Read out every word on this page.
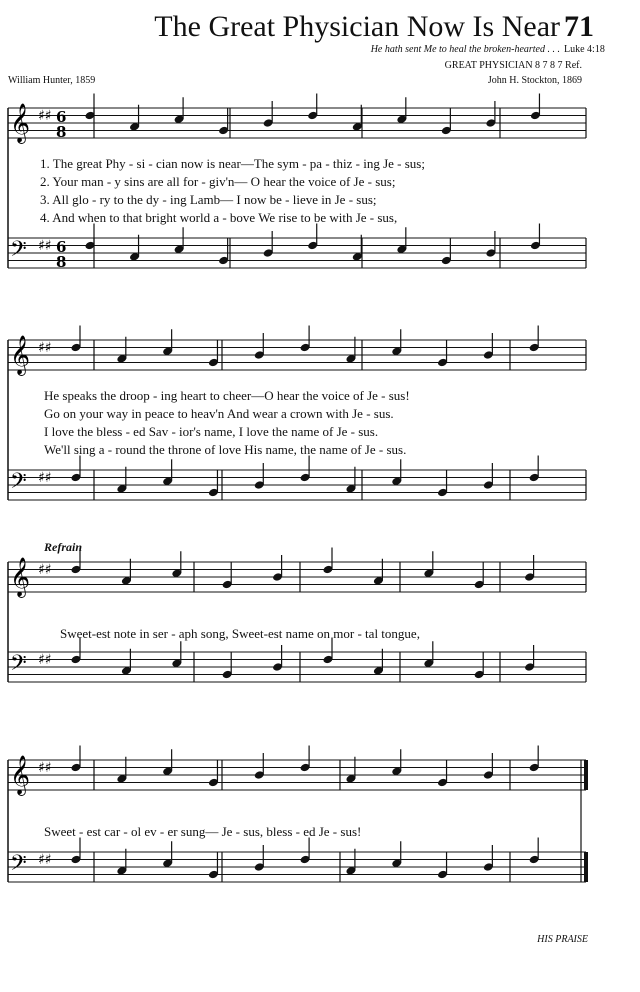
The Great Physician Now Is Near 71
He hath sent Me to heal the broken-hearted . . . Luke 4:18
GREAT PHYSICIAN 8 7 8 7 Ref.
William Hunter, 1859	John H. Stockton, 1869
𝄞 ♯♯ 6
8
𝄢 ♯♯ 6
8
1. The great Phy - si - cian now is near—The sym - pa - thiz - ing Je - sus;
2. Your man - y sins are all for - giv'n— O hear the voice of Je - sus;
3. All glo - ry to the dy - ing Lamb— I now be - lieve in Je - sus;
4. And when to that bright world a - bove We rise to be with Je - sus,
𝄞 ♯♯
𝄢 ♯♯
He speaks the droop - ing heart to cheer—O hear the voice of Je - sus!
Go on your way in peace to heav'n And wear a crown with Je - sus.
I love the bless - ed Sav - ior's name, I love the name of Je - sus.
We'll sing a - round the throne of love His name, the name of Je - sus.
Refrain
𝄞 ♯♯
𝄢 ♯♯
Sweet-est note in ser - aph song, Sweet-est name on mor - tal tongue,
𝄞 ♯♯
𝄢 ♯♯
Sweet - est car - ol ev - er sung— Je - sus, bless - ed Je - sus!
HIS PRAISE
